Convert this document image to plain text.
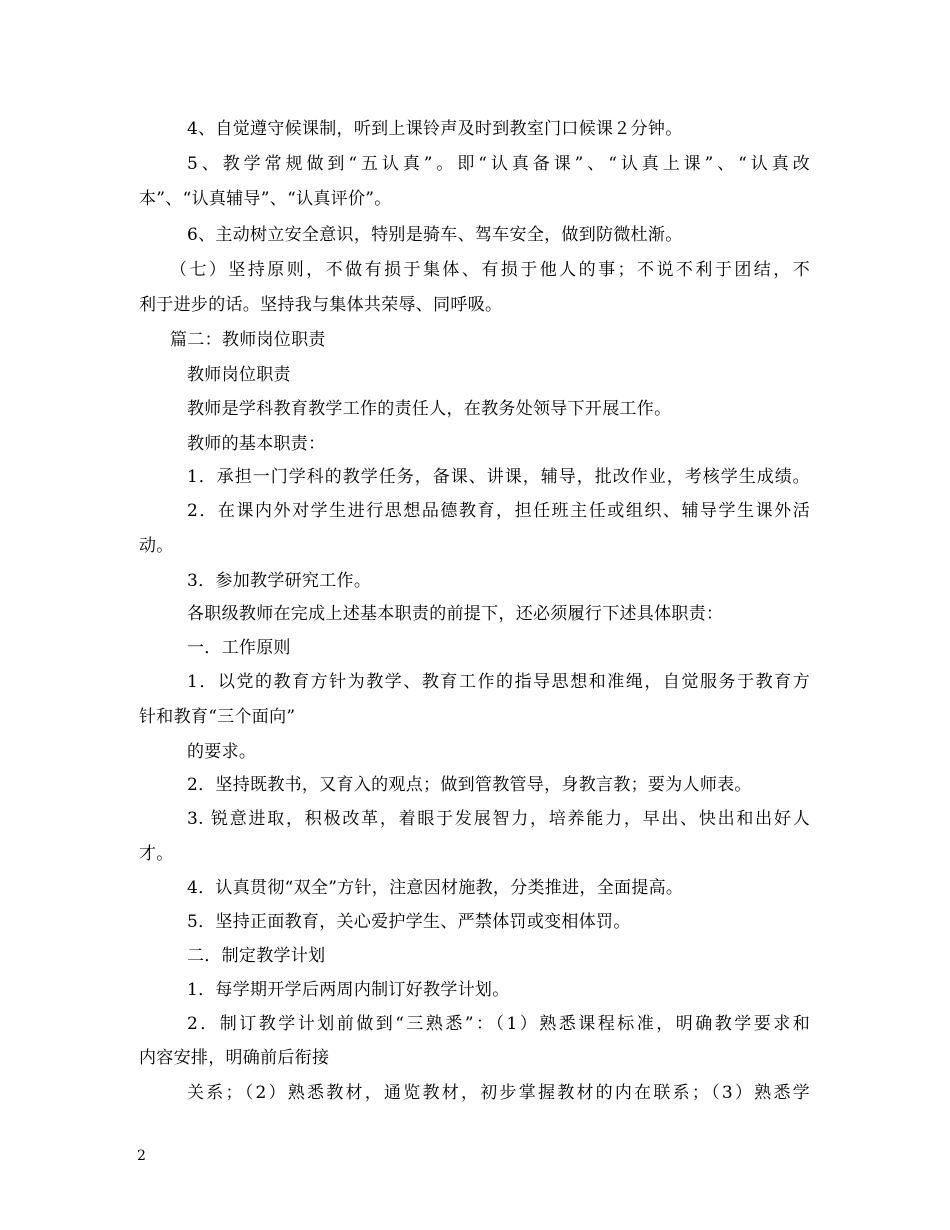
4、自觉遵守候课制，听到上课铃声及时到教室门口候课２分钟。
5、教学常规做到“五认真”。即“认真备课”、“认真上课”、“认真改
本”、“认真辅导”、“认真评价”。
6、主动树立安全意识，特别是骑车、驾车安全，做到防微杜渐。
（七）坚持原则，不做有损于集体、有损于他人的事；不说不利于团结，不
利于进步的话。坚持我与集体共荣辱、同呼吸。
篇二：教师岗位职责
教师岗位职责
教师是学科教育教学工作的责任人，在教务处领导下开展工作。
教师的基本职责：
1．承担一门学科的教学任务，备课、讲课，辅导，批改作业，考核学生成绩。
2．在课内外对学生进行思想品德教育，担任班主任或组织、辅导学生课外活
动。
3．参加教学研究工作。
各职级教师在完成上述基本职责的前提下，还必须履行下述具体职责：
一．工作原则
1．以党的教育方针为教学、教育工作的指导思想和准绳，自觉服务于教育方
针和教育“三个面向”
的要求。
2．坚持既教书，又育入的观点；做到管教管导，身教言教；要为人师表。
3. 锐意进取，积极改革，着眼于发展智力，培养能力，早出、快出和出好人
才。
4．认真贯彻“双全”方针，注意因材施教，分类推进，全面提高。
5．坚持正面教育，关心爱护学生、严禁体罚或变相体罚。
二．制定教学计划
1．每学期开学后两周内制订好教学计划。
2．制订教学计划前做到“三熟悉”：（1）熟悉课程标准，明确教学要求和
内容安排，明确前后衔接
关系；（2）熟悉教材，通览教材，初步掌握教材的内在联系；（3）熟悉学
2
